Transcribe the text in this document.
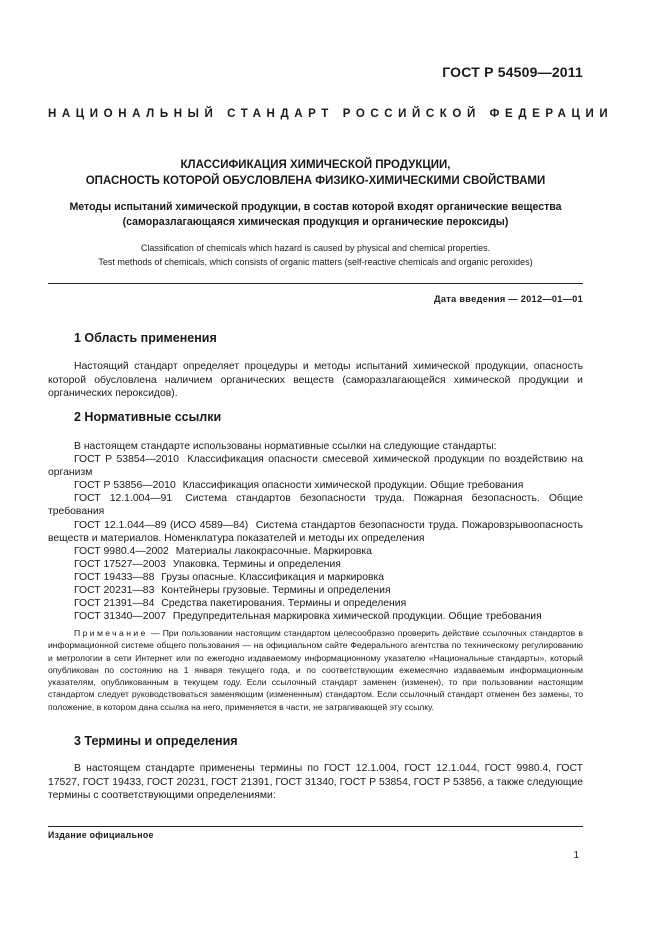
ГОСТ Р 54509—2011
НАЦИОНАЛЬНЫЙ СТАНДАРТ РОССИЙСКОЙ ФЕДЕРАЦИИ
КЛАССИФИКАЦИЯ ХИМИЧЕСКОЙ ПРОДУКЦИИ,
ОПАСНОСТЬ КОТОРОЙ ОБУСЛОВЛЕНА ФИЗИКО-ХИМИЧЕСКИМИ СВОЙСТВАМИ
Методы испытаний химической продукции, в состав которой входят органические вещества
(саморазлагающаяся химическая продукция и органические пероксиды)
Classification of chemicals which hazard is caused by physical and chemical properties.
Test methods of chemicals, which consists of organic matters (self-reactive chemicals and organic peroxides)
Дата введения — 2012—01—01
1 Область применения
Настоящий стандарт определяет процедуры и методы испытаний химической продукции, опасность которой обусловлена наличием органических веществ (саморазлагающейся химической продукции и органических пероксидов).
2 Нормативные ссылки
В настоящем стандарте использованы нормативные ссылки на следующие стандарты:
ГОСТ Р 53854—2010 Классификация опасности смесевой химической продукции по воздействию на организм
ГОСТ Р 53856—2010 Классификация опасности химической продукции. Общие требования
ГОСТ 12.1.004—91 Система стандартов безопасности труда. Пожарная безопасность. Общие требования
ГОСТ 12.1.044—89 (ИСО 4589—84) Система стандартов безопасности труда. Пожаровзрывоопасность веществ и материалов. Номенклатура показателей и методы их определения
ГОСТ 9980.4—2002 Материалы лакокрасочные. Маркировка
ГОСТ 17527—2003 Упаковка. Термины и определения
ГОСТ 19433—88 Грузы опасные. Классификация и маркировка
ГОСТ 20231—83 Контейнеры грузовые. Термины и определения
ГОСТ 21391—84 Средства пакетирования. Термины и определения
ГОСТ 31340—2007 Предупредительная маркировка химической продукции. Общие требования
Примечание — При пользовании настоящим стандартом целесообразно проверить действие ссылочных стандартов в информационной системе общего пользования — на официальном сайте Федерального агентства по техническому регулированию и метрологии в сети Интернет или по ежегодно издаваемому информационному указателю «Национальные стандарты», который опубликован по состоянию на 1 января текущего года, и по соответствующим ежемесячно издаваемым информационным указателям, опубликованным в текущем году. Если ссылочный стандарт заменен (изменен), то при пользовании настоящим стандартом следует руководствоваться заменяющим (измененным) стандартом. Если ссылочный стандарт отменен без замены, то положение, в котором дана ссылка на него, применяется в части, не затрагивающей эту ссылку.
3 Термины и определения
В настоящем стандарте применены термины по ГОСТ 12.1.004, ГОСТ 12.1.044, ГОСТ 9980.4, ГОСТ 17527, ГОСТ 19433, ГОСТ 20231, ГОСТ 21391, ГОСТ 31340, ГОСТ Р 53854, ГОСТ Р 53856, а также следующие термины с соответствующими определениями:
Издание официальное
1
